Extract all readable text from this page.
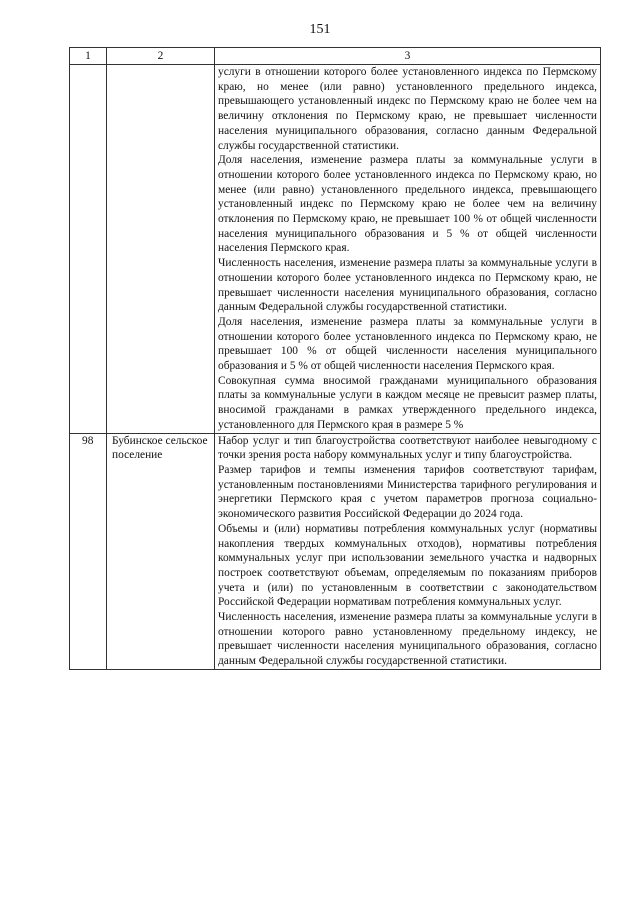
151
1	2	3

		услуги в отношении которого более установленного индекса по Пермскому краю, но менее (или равно) установленного предельного индекса, превышающего установленный индекс по Пермскому краю не более чем на величину отклонения по Пермскому краю, не превышает численности населения муниципального образования, согласно данным Федеральной службы государственной статистики.

Доля населения, изменение размера платы за коммунальные услуги в отношении которого более установленного индекса по Пермскому краю, но менее (или равно) установленного предельного индекса, превышающего установленный индекс по Пермскому краю не более чем на величину отклонения по Пермскому краю, не превышает 100 % от общей численности населения муниципального образования и 5 % от общей численности населения Пермского края.

Численность населения, изменение размера платы за коммунальные услуги в отношении которого более установленного индекса по Пермскому краю, не превышает численности населения муниципального образования, согласно данным Федеральной службы государственной статистики.

Доля населения, изменение размера платы за коммунальные услуги в отношении которого более установленного индекса по Пермскому краю, не превышает 100 % от общей численности населения муниципального образования и 5 % от общей численности населения Пермского края.

Совокупная сумма вносимой гражданами муниципального образования платы за коммунальные услуги в каждом месяце не превысит размер платы, вносимой гражданами в рамках утвержденного предельного индекса, установленного для Пермского края в размере 5 %

98	Бубинское сельское поселение	Набор услуг и тип благоустройства соответствуют наиболее невыгодному с точки зрения роста набору коммунальных услуг и типу благоустройства.

Размер тарифов и темпы изменения тарифов соответствуют тарифам, установленным постановлениями Министерства тарифного регулирования и энергетики Пермского края с учетом параметров прогноза социально-экономического развития Российской Федерации до 2024 года.

Объемы и (или) нормативы потребления коммунальных услуг (нормативы накопления твердых коммунальных отходов), нормативы потребления коммунальных услуг при использовании земельного участка и надворных построек соответствуют объемам, определяемым по показаниям приборов учета и (или) по установленным в соответствии с законодательством Российской Федерации нормативам потребления коммунальных услуг.

Численность населения, изменение размера платы за коммунальные услуги в отношении которого равно установленному предельному индексу, не превышает численности населения муниципального образования, согласно данным Федеральной службы государственной статистики.
